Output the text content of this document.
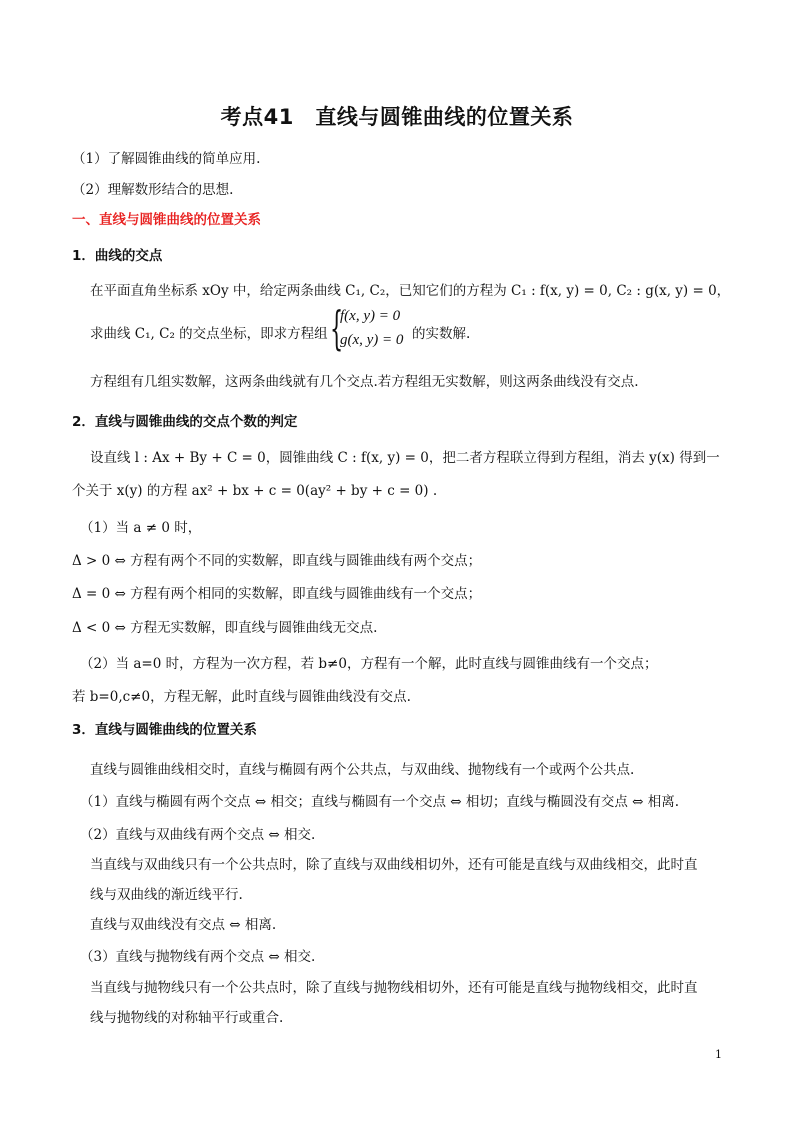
考点41　直线与圆锥曲线的位置关系
（1）了解圆锥曲线的简单应用.
（2）理解数形结合的思想.
一、直线与圆锥曲线的位置关系
1．曲线的交点
在平面直角坐标系 xOy 中，给定两条曲线 C₁, C₂，已知它们的方程为 C₁ : f(x, y) = 0, C₂ : g(x, y) = 0，
求曲线 C₁, C₂ 的交点坐标，即求方程组 {
f(x, y) = 0
g(x, y) = 0 的实数解.
方程组有几组实数解，这两条曲线就有几个交点.若方程组无实数解，则这两条曲线没有交点.
2．直线与圆锥曲线的交点个数的判定
设直线 l : Ax + By + C = 0，圆锥曲线 C : f(x, y) = 0，把二者方程联立得到方程组，消去 y(x) 得到一
个关于 x(y) 的方程 ax² + bx + c = 0(ay² + by + c = 0) .
（1）当 a ≠ 0 时，
Δ > 0 ⇔ 方程有两个不同的实数解，即直线与圆锥曲线有两个交点；
Δ = 0 ⇔ 方程有两个相同的实数解，即直线与圆锥曲线有一个交点；
Δ < 0 ⇔ 方程无实数解，即直线与圆锥曲线无交点.
（2）当 a=0 时，方程为一次方程，若 b≠0，方程有一个解，此时直线与圆锥曲线有一个交点；
若 b=0,c≠0，方程无解，此时直线与圆锥曲线没有交点.
3．直线与圆锥曲线的位置关系
直线与圆锥曲线相交时，直线与椭圆有两个公共点，与双曲线、抛物线有一个或两个公共点.
（1）直线与椭圆有两个交点 ⇔ 相交；直线与椭圆有一个交点 ⇔ 相切；直线与椭圆没有交点 ⇔ 相离.
（2）直线与双曲线有两个交点 ⇔ 相交.
当直线与双曲线只有一个公共点时，除了直线与双曲线相切外，还有可能是直线与双曲线相交，此时直
线与双曲线的渐近线平行.
直线与双曲线没有交点 ⇔ 相离.
（3）直线与抛物线有两个交点 ⇔ 相交.
当直线与抛物线只有一个公共点时，除了直线与抛物线相切外，还有可能是直线与抛物线相交，此时直
线与抛物线的对称轴平行或重合.
1
